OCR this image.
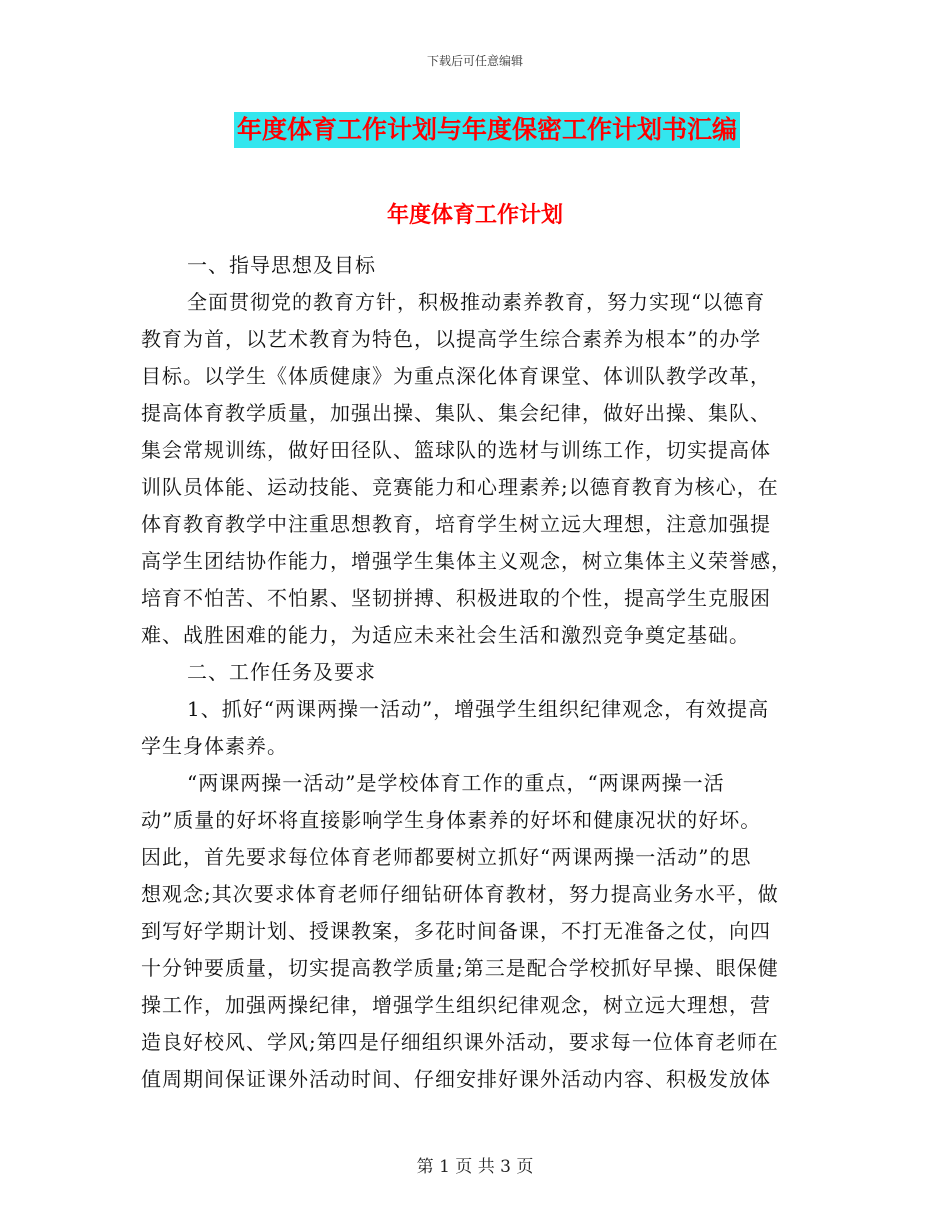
下载后可任意编辑
年度体育工作计划与年度保密工作计划书汇编
年度体育工作计划
一、指导思想及目标
全面贯彻党的教育方针，积极推动素养教育，努力实现“以德育
教育为首，以艺术教育为特色，以提高学生综合素养为根本”的办学
目标。以学生《体质健康》为重点深化体育课堂、体训队教学改革，
提高体育教学质量，加强出操、集队、集会纪律，做好出操、集队、
集会常规训练，做好田径队、篮球队的选材与训练工作，切实提高体
训队员体能、运动技能、竞赛能力和心理素养;以德育教育为核心，在
体育教育教学中注重思想教育，培育学生树立远大理想，注意加强提
高学生团结协作能力，增强学生集体主义观念，树立集体主义荣誉感，
培育不怕苦、不怕累、坚韧拼搏、积极进取的个性，提高学生克服困
难、战胜困难的能力，为适应未来社会生活和激烈竞争奠定基础。
二、工作任务及要求
1、抓好“两课两操一活动”，增强学生组织纪律观念，有效提高
学生身体素养。
“两课两操一活动”是学校体育工作的重点，“两课两操一活
动”质量的好坏将直接影响学生身体素养的好坏和健康况状的好坏。
因此，首先要求每位体育老师都要树立抓好“两课两操一活动”的思
想观念;其次要求体育老师仔细钻研体育教材，努力提高业务水平，做
到写好学期计划、授课教案，多花时间备课，不打无准备之仗，向四
十分钟要质量，切实提高教学质量;第三是配合学校抓好早操、眼保健
操工作，加强两操纪律，增强学生组织纪律观念，树立远大理想，营
造良好校风、学风;第四是仔细组织课外活动，要求每一位体育老师在
值周期间保证课外活动时间、仔细安排好课外活动内容、积极发放体
第 1 页 共 3 页
